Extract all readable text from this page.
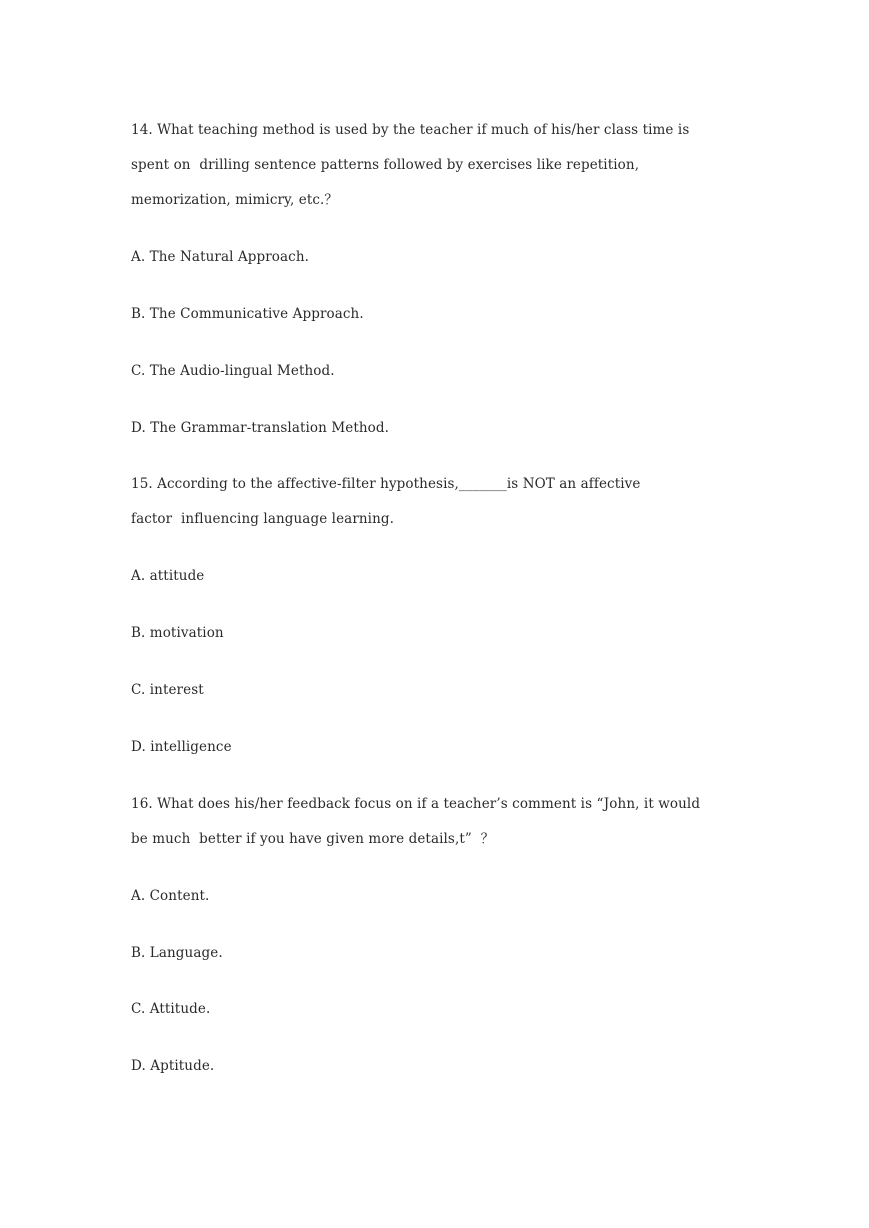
14. What teaching method is used by the teacher if much of his/her class time is
spent on  drilling sentence patterns followed by exercises like repetition,
memorization, mimicry, etc.？
A. The Natural Approach.
B. The Communicative Approach.
C. The Audio-lingual Method.
D. The Grammar-translation Method.
15. According to the affective-filter hypothesis,_______is NOT an affective
factor  influencing language learning.
A. attitude
B. motivation
C. interest
D. intelligence
16. What does his/her feedback focus on if a teacher’s comment is “John, it would
be much  better if you have given more details,t”  ？
A. Content.
B. Language.
C. Attitude.
D. Aptitude.
